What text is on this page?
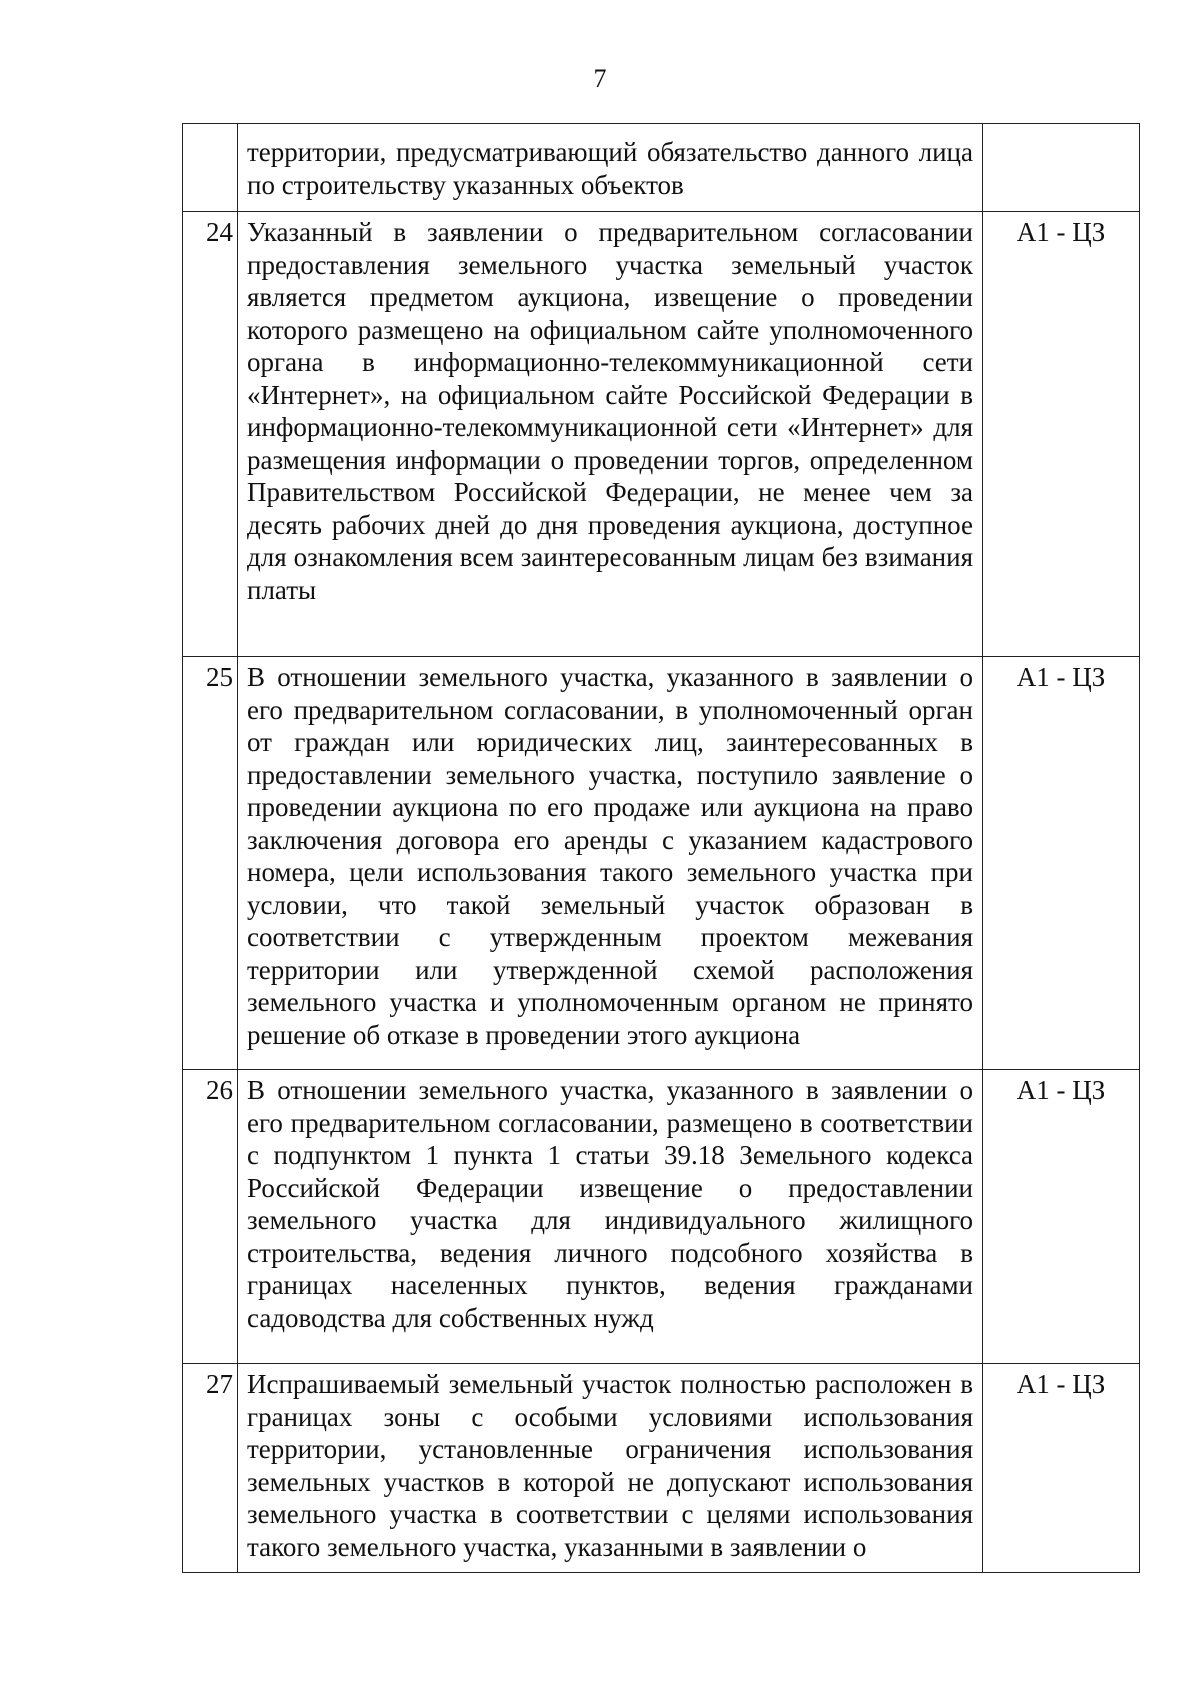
7
	территории, предусматривающий обязательство данного лица по строительству указанных объектов	
24	Указанный в заявлении о предварительном согласовании предоставления земельного участка земельный участок является предметом аукциона, извещение о проведении которого размещено на официальном сайте уполномоченного органа в информационно-телекоммуникационной сети «Интернет», на официальном сайте Российской Федерации в информационно-телекоммуникационной сети «Интернет» для размещения информации о проведении торгов, определенном Правительством Российской Федерации, не менее чем за десять рабочих дней до дня проведения аукциона, доступное для ознакомления всем заинтересованным лицам без взимания платы	А1 - ЦЗ
25	В отношении земельного участка, указанного в заявлении о его предварительном согласовании, в уполномоченный орган от граждан или юридических лиц, заинтересованных в предоставлении земельного участка, поступило заявление о проведении аукциона по его продаже или аукциона на право заключения договора его аренды с указанием кадастрового номера, цели использования такого земельного участка при условии, что такой земельный участок образован в соответствии с утвержденным проектом межевания территории или утвержденной схемой расположения земельного участка и уполномоченным органом не принято решение об отказе в проведении этого аукциона	А1 - ЦЗ
26	В отношении земельного участка, указанного в заявлении о его предварительном согласовании, размещено в соответствии с подпунктом 1 пункта 1 статьи 39.18 Земельного кодекса Российской Федерации извещение о предоставлении земельного участка для индивидуального жилищного строительства, ведения личного подсобного хозяйства в границах населенных пунктов, ведения гражданами садоводства для собственных нужд	А1 - ЦЗ
27	Испрашиваемый земельный участок полностью расположен в границах зоны с особыми условиями использования территории, установленные ограничения использования земельных участков в которой не допускают использования земельного участка в соответствии с целями использования такого земельного участка, указанными в заявлении о	А1 - ЦЗ
